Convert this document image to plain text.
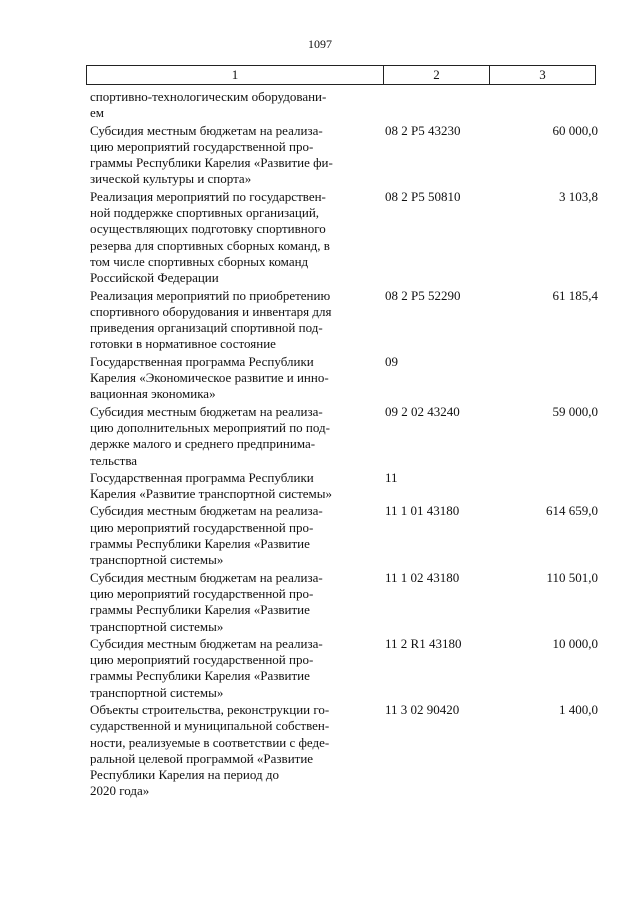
1097
1	2	3
спортивно-технологическим оборудовани-
ем
Субсидия местным бюджетам на реализа-
цию мероприятий государственной про-
граммы Республики Карелия «Развитие фи-
зической культуры и спорта»
08 2 P5 43230	60 000,0
Реализация мероприятий по государствен-
ной поддержке спортивных организаций,
осуществляющих подготовку спортивного
резерва для спортивных сборных команд, в
том числе спортивных сборных команд
Российской Федерации
08 2 P5 50810	3 103,8
Реализация мероприятий по приобретению
спортивного оборудования и инвентаря для
приведения организаций спортивной под-
готовки в нормативное состояние
08 2 P5 52290	61 185,4
Государственная программа Республики
Карелия «Экономическое развитие и инно-
вационная экономика»
09
Субсидия местным бюджетам на реализа-
цию дополнительных мероприятий по под-
держке малого и среднего предпринима-
тельства
09 2 02 43240	59 000,0
Государственная программа Республики
Карелия «Развитие транспортной системы»
11
Субсидия местным бюджетам на реализа-
цию мероприятий государственной про-
граммы Республики Карелия «Развитие
транспортной системы»
11 1 01 43180	614 659,0
Субсидия местным бюджетам на реализа-
цию мероприятий государственной про-
граммы Республики Карелия «Развитие
транспортной системы»
11 1 02 43180	110 501,0
Субсидия местным бюджетам на реализа-
цию мероприятий государственной про-
граммы Республики Карелия «Развитие
транспортной системы»
11 2 R1 43180	10 000,0
Объекты строительства, реконструкции го-
сударственной и муниципальной собствен-
ности, реализуемые в соответствии с феде-
ральной целевой программой «Развитие
Республики Карелия на период до
2020 года»
11 3 02 90420	1 400,0
